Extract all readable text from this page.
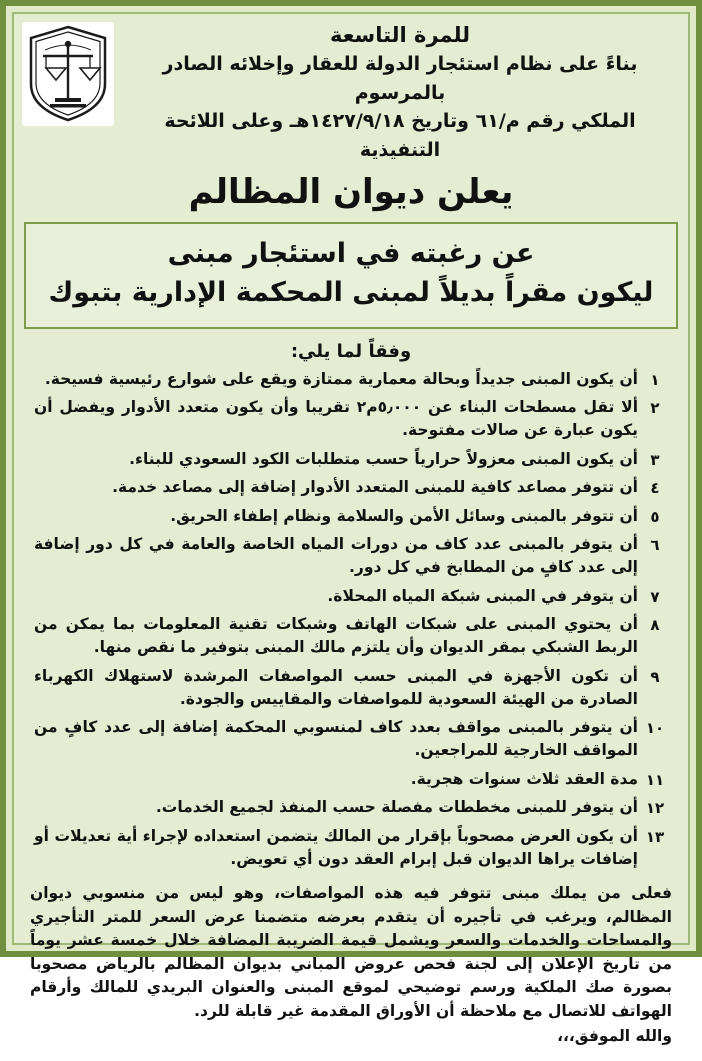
للمرة التاسعة
بناءً على نظام استئجار الدولة للعقار وإخلائه الصادر بالمرسوم
الملكي رقم م/٦١ وتاريخ ١٤٢٧/٩/١٨هـ وعلى اللائحة التنفيذية
يعلن ديوان المظالم
عن رغبته في استئجار مبنى
ليكون مقراً بديلاً لمبنى المحكمة الإدارية بتبوك
وفقاً لما يلي:
١
أن يكون المبنى جديداً وبحالة معمارية ممتازة ويقع على شوارع رئيسية فسيحة.
٢
ألا تقل مسطحات البناء عن ٥٫٠٠٠م٢ تقريبا وأن يكون متعدد الأدوار ويفضل أن يكون عبارة عن صالات مفتوحة.
٣
أن يكون المبنى معزولاً حرارياً حسب متطلبات الكود السعودي للبناء.
٤
أن تتوفر مصاعد كافية للمبنى المتعدد الأدوار إضافة إلى مصاعد خدمة.
٥
أن تتوفر بالمبنى وسائل الأمن والسلامة ونظام إطفاء الحريق.
٦
أن يتوفر بالمبنى عدد كاف من دورات المياه الخاصة والعامة في كل دور إضافة إلى عدد كافٍ من المطابخ في كل دور.
٧
أن يتوفر في المبنى شبكة المياه المحلاة.
٨
أن يحتوي المبنى على شبكات الهاتف وشبكات تقنية المعلومات بما يمكن من الربط الشبكي بمقر الديوان وأن يلتزم مالك المبنى بتوفير ما نقص منها.
٩
أن تكون الأجهزة في المبنى حسب المواصفات المرشدة لاستهلاك الكهرباء الصادرة من الهيئة السعودية للمواصفات والمقاييس والجودة.
١٠
أن يتوفر بالمبنى مواقف بعدد كاف لمنسوبي المحكمة إضافة إلى عدد كافٍ من المواقف الخارجية للمراجعين.
١١
مدة العقد ثلاث سنوات هجرية.
١٢
أن يتوفر للمبنى مخططات مفصلة حسب المنفذ لجميع الخدمات.
١٣
أن يكون العرض مصحوباً بإقرار من المالك يتضمن استعداده لإجراء أية تعديلات أو إضافات يراها الديوان قبل إبرام العقد دون أي تعويض.

فعلى من يملك مبنى تتوفر فيه هذه المواصفات، وهو ليس من منسوبي ديوان المظالم، ويرغب في تأجيره أن يتقدم بعرضه متضمنا عرض السعر للمتر التأجيري والمساحات والخدمات والسعر ويشمل قيمة الضريبة المضافة خلال خمسة عشر يوماً من تاريخ الإعلان إلى لجنة فحص عروض المباني بديوان المظالم بالرياض مصحوبا بصورة صك الملكية ورسم توضيحي لموقع المبنى والعنوان البريدي للمالك وأرقام الهواتف للاتصال مع ملاحظة أن الأوراق المقدمة غير قابلة للرد.

والله الموفق،،،
